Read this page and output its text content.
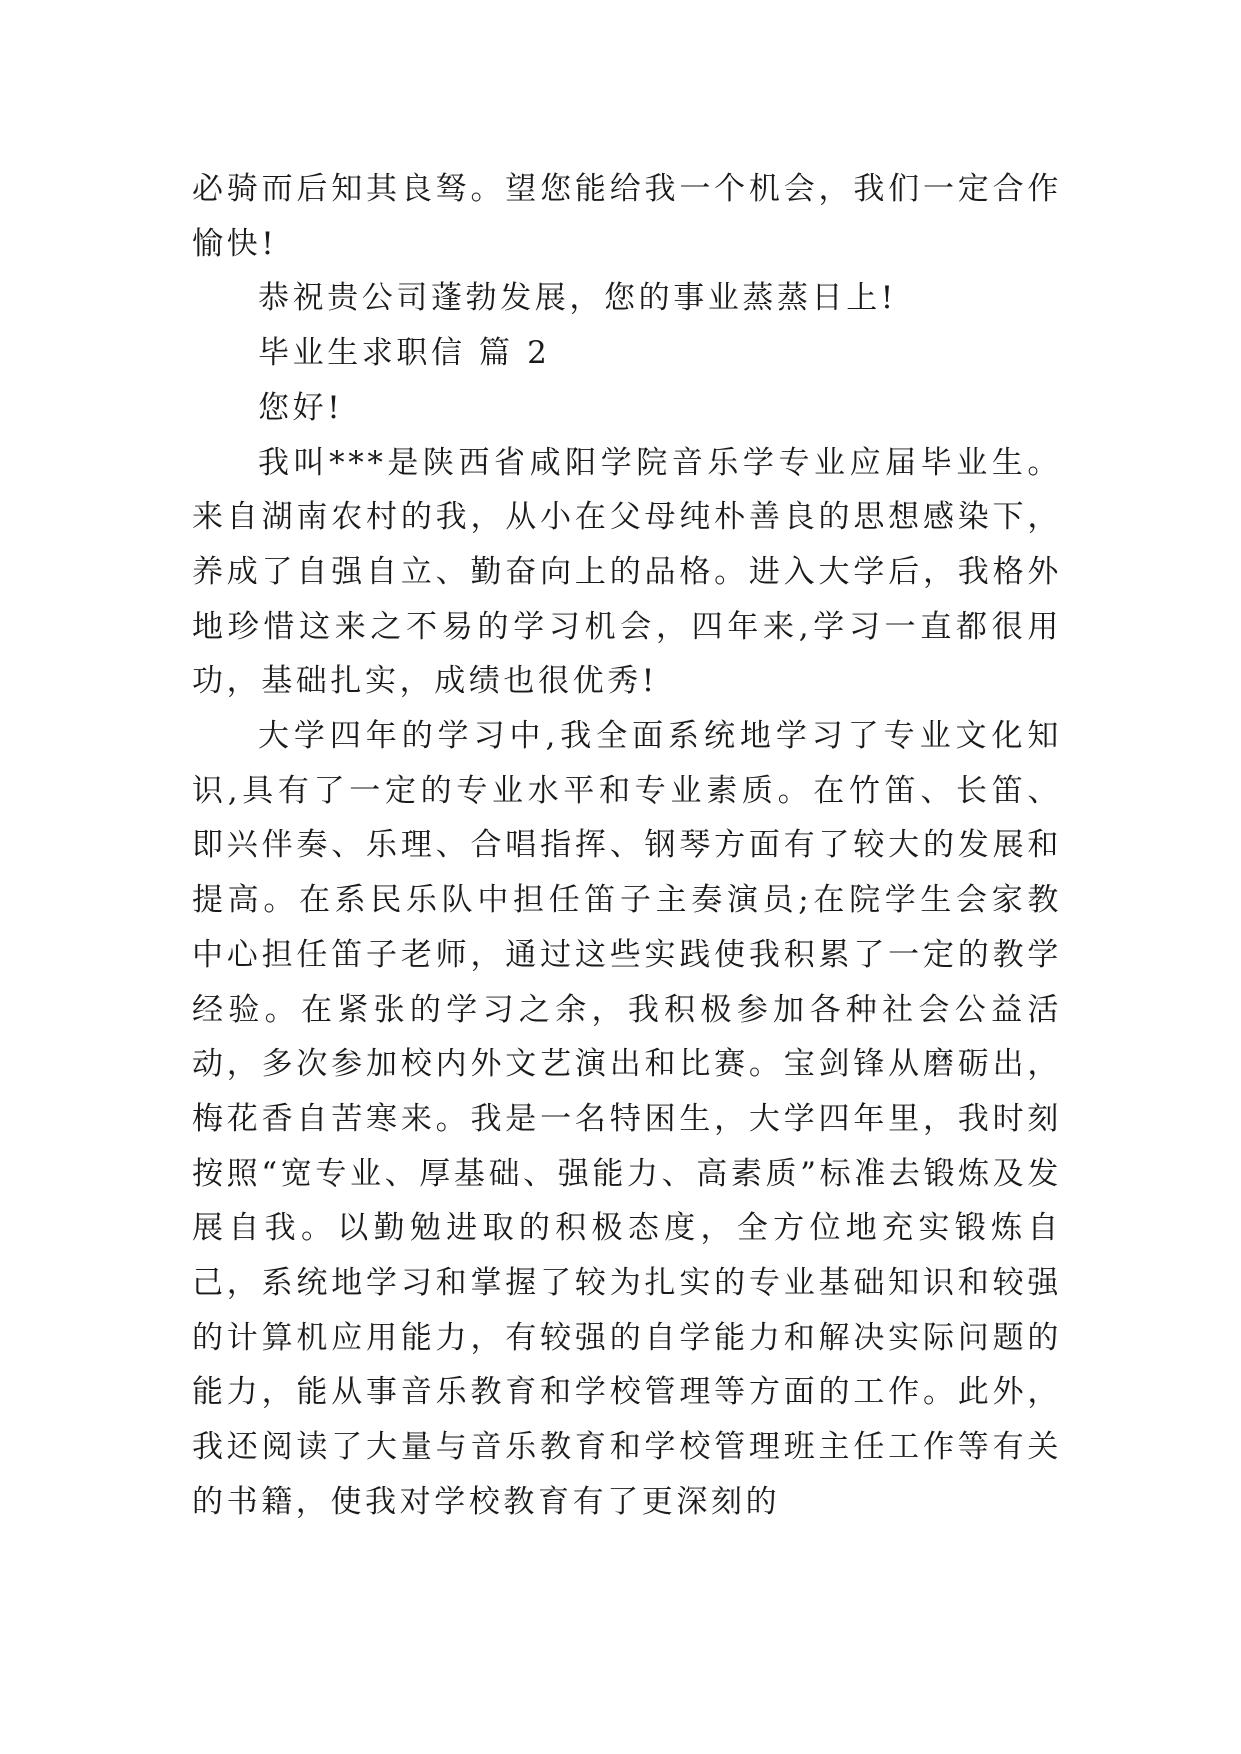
必骑而后知其良驽。望您能给我一个机会，我们一定合作愉快!

恭祝贵公司蓬勃发展，您的事业蒸蒸日上!

毕业生求职信 篇 2

您好!

我叫***是陕西省咸阳学院音乐学专业应届毕业生。来自湖南农村的我，从小在父母纯朴善良的思想感染下，养成了自强自立、勤奋向上的品格。进入大学后，我格外地珍惜这来之不易的学习机会，四年来,学习一直都很用功，基础扎实，成绩也很优秀!

大学四年的学习中,我全面系统地学习了专业文化知识,具有了一定的专业水平和专业素质。在竹笛、长笛、即兴伴奏、乐理、合唱指挥、钢琴方面有了较大的发展和提高。在系民乐队中担任笛子主奏演员;在院学生会家教中心担任笛子老师，通过这些实践使我积累了一定的教学经验。在紧张的学习之余，我积极参加各种社会公益活动，多次参加校内外文艺演出和比赛。宝剑锋从磨砺出，梅花香自苦寒来。我是一名特困生，大学四年里，我时刻按照“宽专业、厚基础、强能力、高素质”标准去锻炼及发展自我。以勤勉进取的积极态度，全方位地充实锻炼自己，系统地学习和掌握了较为扎实的专业基础知识和较强的计算机应用能力，有较强的自学能力和解决实际问题的能力，能从事音乐教育和学校管理等方面的工作。此外，我还阅读了大量与音乐教育和学校管理班主任工作等有关的书籍，使我对学校教育有了更深刻的
